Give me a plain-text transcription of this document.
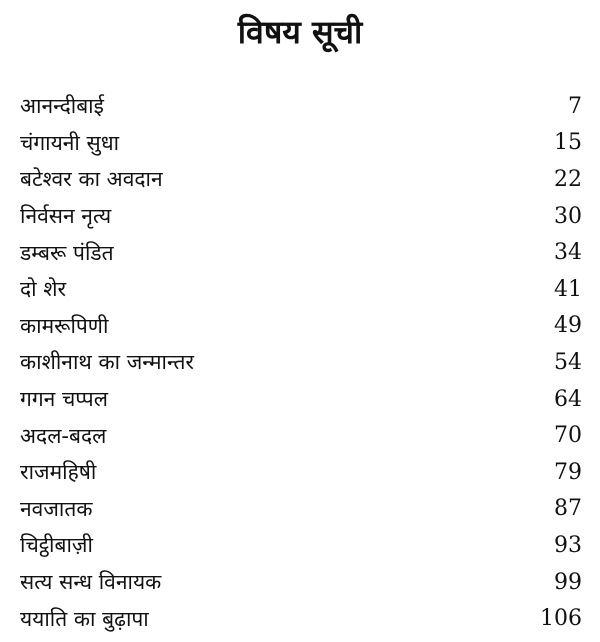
विषय सूची
आनन्दीबाई	7
चंगायनी सुधा	15
बटेश्वर का अवदान	22
निर्वसन नृत्य	30
डम्बरू पंडित	34
दो शेर	41
कामरूपिणी	49
काशीनाथ का जन्मान्तर	54
गगन चप्पल	64
अदल-बदल	70
राजमहिषी	79
नवजातक	87
चिट्ठीबाज़ी	93
सत्य सन्ध विनायक	99
ययाति का बुढ़ापा	106
